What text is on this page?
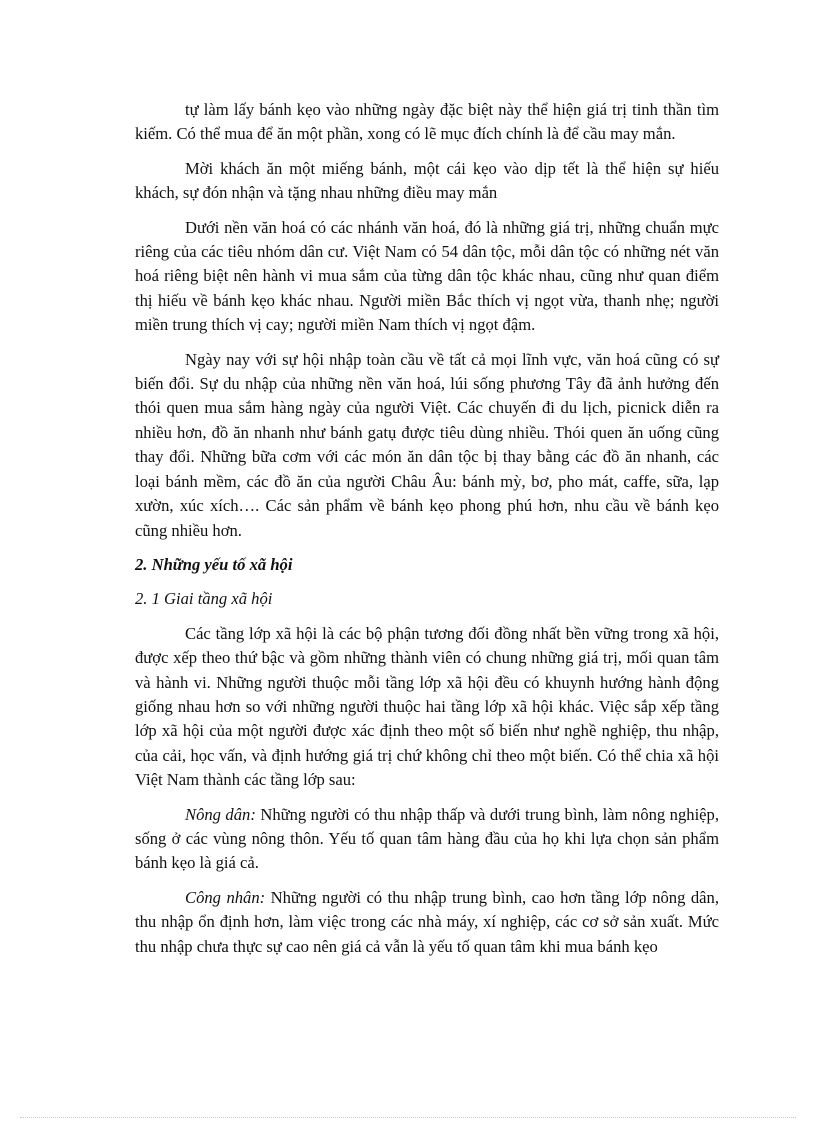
tự làm lấy bánh kẹo vào những ngày đặc biệt này thể hiện giá trị tinh thần tìm kiếm. Có thể mua để ăn một phần, xong có lẽ mục đích chính là để cầu may mắn.

Mời khách ăn một miếng bánh, một cái kẹo vào dịp tết là thể hiện sự hiếu khách, sự đón nhận và tặng nhau những điều may mắn

Dưới nền văn hoá có các nhánh văn hoá, đó là những giá trị, những chuẩn mực riêng của các tiêu nhóm dân cư. Việt Nam có 54 dân tộc, mỗi dân tộc có những nét văn hoá riêng biệt nên hành vi mua sắm của từng dân tộc khác nhau, cũng như quan điểm thị hiếu về bánh kẹo khác nhau. Người miền Bắc thích vị ngọt vừa, thanh nhẹ; người miền trung thích vị cay; người miền Nam thích vị ngọt đậm.

Ngày nay với sự hội nhập toàn cầu về tất cả mọi lĩnh vực, văn hoá cũng có sự biến đổi. Sự du nhập của những nền văn hoá, lúi sống phương Tây đã ảnh hưởng đến thói quen mua sắm hàng ngày của người Việt. Các chuyến đi du lịch, picnick diễn ra nhiều hơn, đồ ăn nhanh như bánh gatụ được tiêu dùng nhiều. Thói quen ăn uống cũng thay đổi. Những bữa cơm với các món ăn dân tộc bị thay bằng các đồ ăn nhanh, các loại bánh mềm, các đồ ăn của người Châu Âu: bánh mỳ, bơ, pho mát, caffe, sữa, lạp xườn, xúc xích…. Các sản phẩm về bánh kẹo phong phú hơn, nhu cầu về bánh kẹo cũng nhiều hơn.

2. Những yếu tố xã hội
2. 1 Giai tầng xã hội

Các tầng lớp xã hội là các bộ phận tương đối đồng nhất bền vững trong xã hội, được xếp theo thứ bậc và gồm những thành viên có chung những giá trị, mối quan tâm và hành vi. Những người thuộc mỗi tầng lớp xã hội đều có khuynh hướng hành động giống nhau hơn so với những người thuộc hai tầng lớp xã hội khác. Việc sắp xếp tầng lớp xã hội của một người được xác định theo một số biến như nghề nghiệp, thu nhập, của cải, học vấn, và định hướng giá trị chứ không chỉ theo một biến. Có thể chia xã hội Việt Nam thành các tầng lớp sau:

Nông dân: Những người có thu nhập thấp và dưới trung bình, làm nông nghiệp, sống ở các vùng nông thôn. Yếu tố quan tâm hàng đầu của họ khi lựa chọn sản phẩm bánh kẹo là giá cả.

Công nhân: Những người có thu nhập trung bình, cao hơn tầng lớp nông dân, thu nhập ổn định hơn, làm việc trong các nhà máy, xí nghiệp, các cơ sở sản xuất. Mức thu nhập chưa thực sự cao nên giá cả vẫn là yếu tố quan tâm khi mua bánh kẹo
